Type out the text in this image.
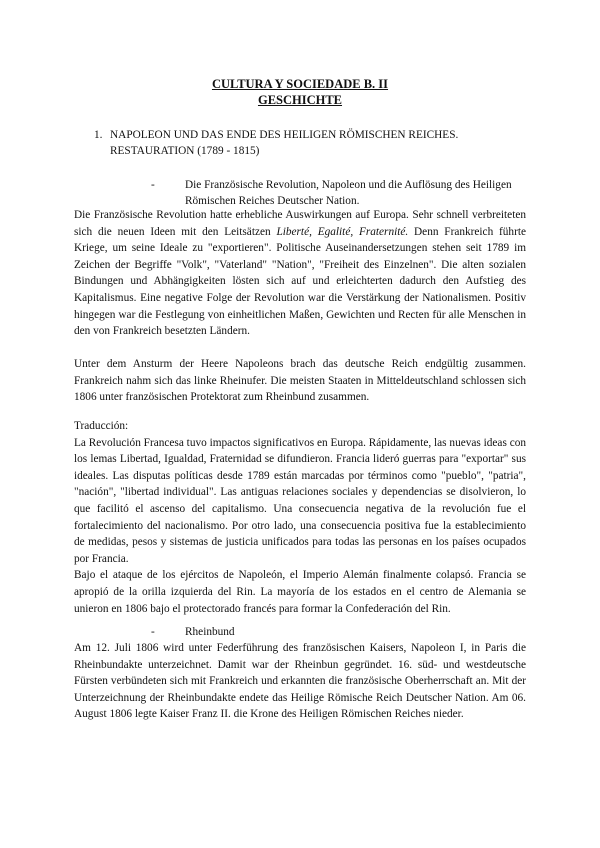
CULTURA Y SOCIEDADE B. II
GESCHICHTE
1. NAPOLEON UND DAS ENDE DES HEILIGEN RÖMISCHEN REICHES. RESTAURATION (1789 - 1815)
-	Die Französische Revolution, Napoleon und die Auflösung des Heiligen Römischen Reiches Deutscher Nation.
Die Französische Revolution hatte erhebliche Auswirkungen auf Europa. Sehr schnell verbreiteten sich die neuen Ideen mit den Leitsätzen Liberté, Egalité, Fraternité. Denn Frankreich führte Kriege, um seine Ideale zu "exportieren". Politische Auseinandersetzungen stehen seit 1789 im Zeichen der Begriffe "Volk", "Vaterland" "Nation", "Freiheit des Einzelnen". Die alten sozialen Bindungen und Abhängigkeiten lösten sich auf und erleichterten dadurch den Aufstieg des Kapitalismus. Eine negative Folge der Revolution war die Verstärkung der Nationalismen. Positiv hingegen war die Festlegung von einheitlichen Maßen, Gewichten und Recten für alle Menschen in den von Frankreich besetzten Ländern.
Unter dem Ansturm der Heere Napoleons brach das deutsche Reich endgültig zusammen. Frankreich nahm sich das linke Rheinufer. Die meisten Staaten in Mitteldeutschland schlossen sich 1806 unter französischen Protektorat zum Rheinbund zusammen.
Traducción:
La Revolución Francesa tuvo impactos significativos en Europa. Rápidamente, las nuevas ideas con los lemas Libertad, Igualdad, Fraternidad se difundieron. Francia lideró guerras para "exportar" sus ideales. Las disputas políticas desde 1789 están marcadas por términos como "pueblo", "patria", "nación", "libertad individual". Las antiguas relaciones sociales y dependencias se disolvieron, lo que facilitó el ascenso del capitalismo. Una consecuencia negativa de la revolución fue el fortalecimiento del nacionalismo. Por otro lado, una consecuencia positiva fue la establecimiento de medidas, pesos y sistemas de justicia unificados para todas las personas en los países ocupados por Francia.
Bajo el ataque de los ejércitos de Napoleón, el Imperio Alemán finalmente colapsó. Francia se apropió de la orilla izquierda del Rin. La mayoría de los estados en el centro de Alemania se unieron en 1806 bajo el protectorado francés para formar la Confederación del Rin.
-	Rheinbund
Am 12. Juli 1806 wird unter Federführung des französischen Kaisers, Napoleon I, in Paris die Rheinbundakte unterzeichnet. Damit war der Rheinbun gegründet. 16. süd- und westdeutsche Fürsten verbündeten sich mit Frankreich und erkannten die französische Oberherrschaft an. Mit der Unterzeichnung der Rheinbundakte endete das Heilige Römische Reich Deutscher Nation. Am 06. August 1806 legte Kaiser Franz II. die Krone des Heiligen Römischen Reiches nieder.
